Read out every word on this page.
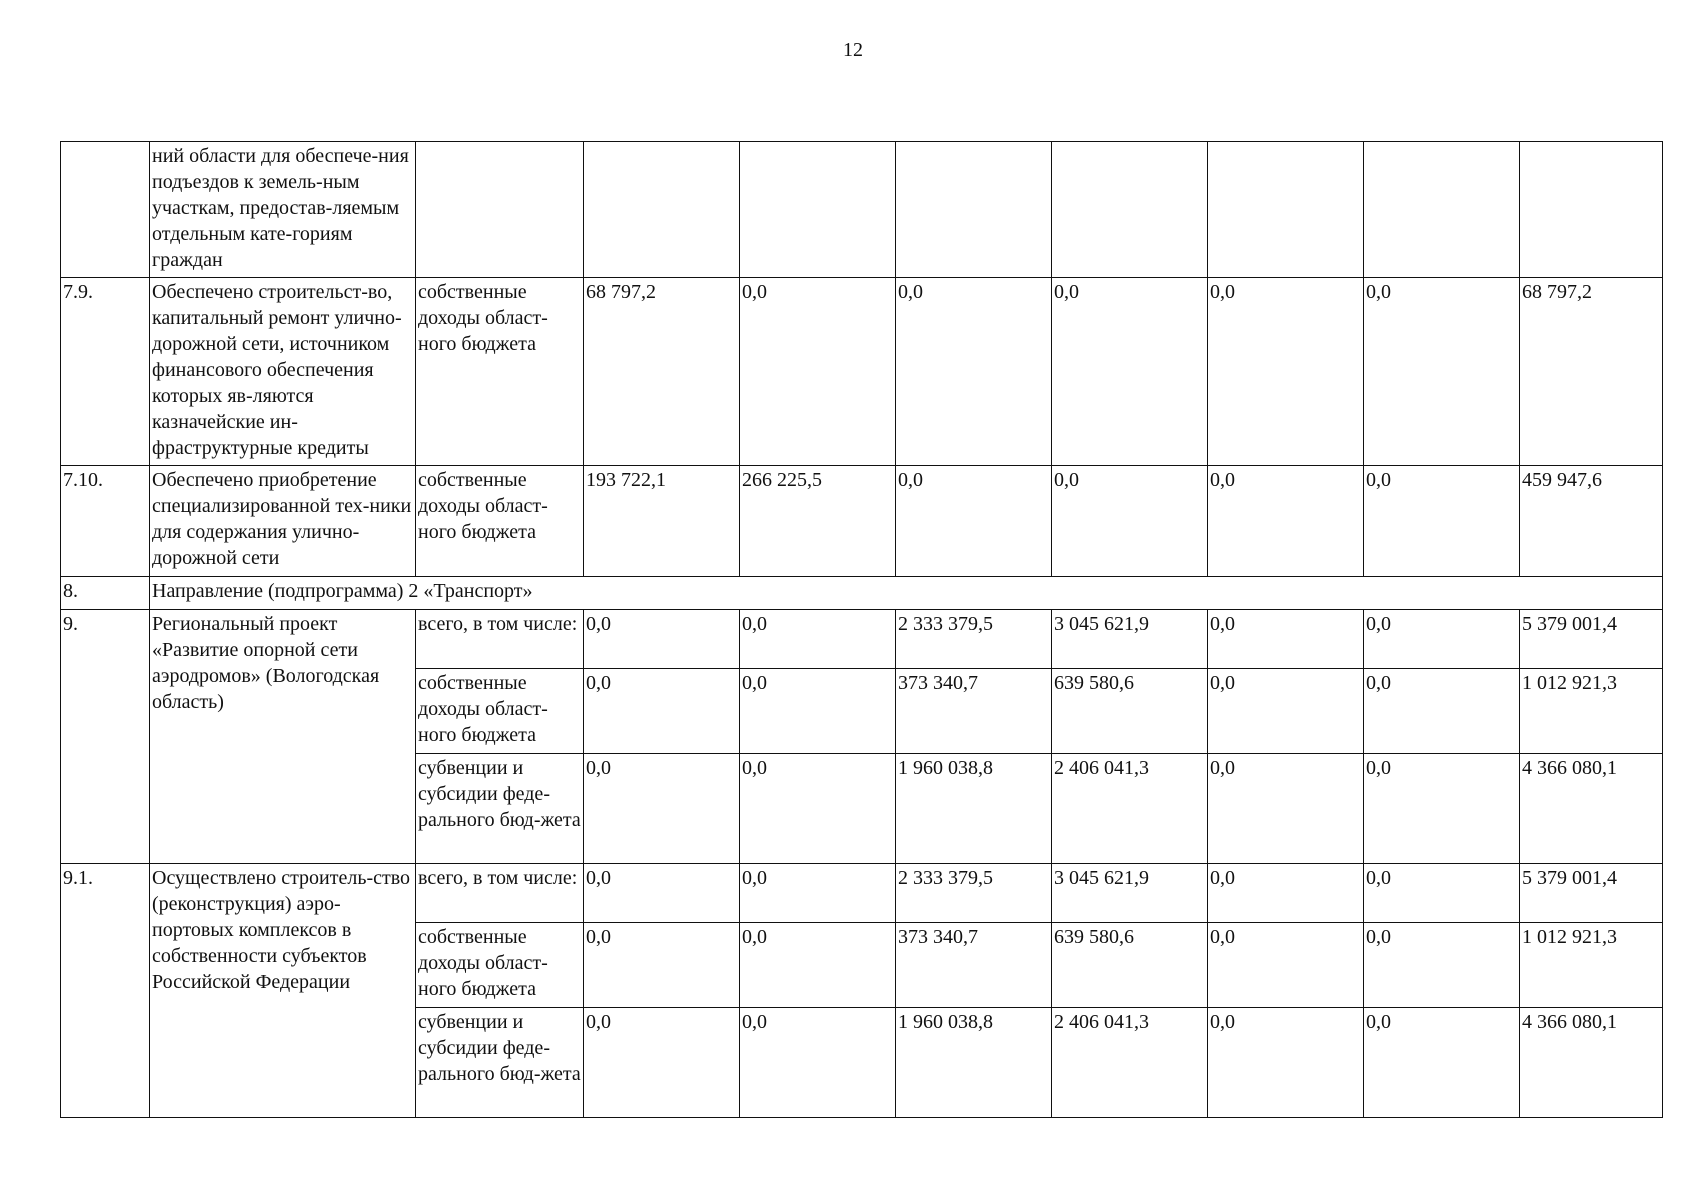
12
	ний области для обеспече-ния подъездов к земель-ным участкам, предостав-ляемым отдельным кате-гориям граждан								
7.9.	Обеспечено строительст-во, капитальный ремонт улично-дорожной сети, источником финансового обеспечения которых яв-ляются казначейские ин-фраструктурные кредиты	собственные доходы област-ного бюджета	68 797,2	0,0	0,0	0,0	0,0	0,0	68 797,2
7.10.	Обеспечено приобретение специализированной тех-ники для содержания улично-дорожной сети	собственные доходы област-ного бюджета	193 722,1	266 225,5	0,0	0,0	0,0	0,0	459 947,6
8.	Направление (подпрограмма) 2 «Транспорт»								
9.	Региональный проект «Развитие опорной сети аэродромов» (Вологодская область)	всего, в том числе:	0,0	0,0	2 333 379,5	3 045 621,9	0,0	0,0	5 379 001,4
		собственные доходы област-ного бюджета	0,0	0,0	373 340,7	639 580,6	0,0	0,0	1 012 921,3
		субвенции и субсидии феде-рального бюд-жета	0,0	0,0	1 960 038,8	2 406 041,3	0,0	0,0	4 366 080,1
9.1.	Осуществлено строитель-ство (реконструкция) аэро-портовых комплексов в собственности субъектов Российской Федерации	всего, в том числе:	0,0	0,0	2 333 379,5	3 045 621,9	0,0	0,0	5 379 001,4
		собственные доходы област-ного бюджета	0,0	0,0	373 340,7	639 580,6	0,0	0,0	1 012 921,3
		субвенции и субсидии феде-рального бюд-жета	0,0	0,0	1 960 038,8	2 406 041,3	0,0	0,0	4 366 080,1
